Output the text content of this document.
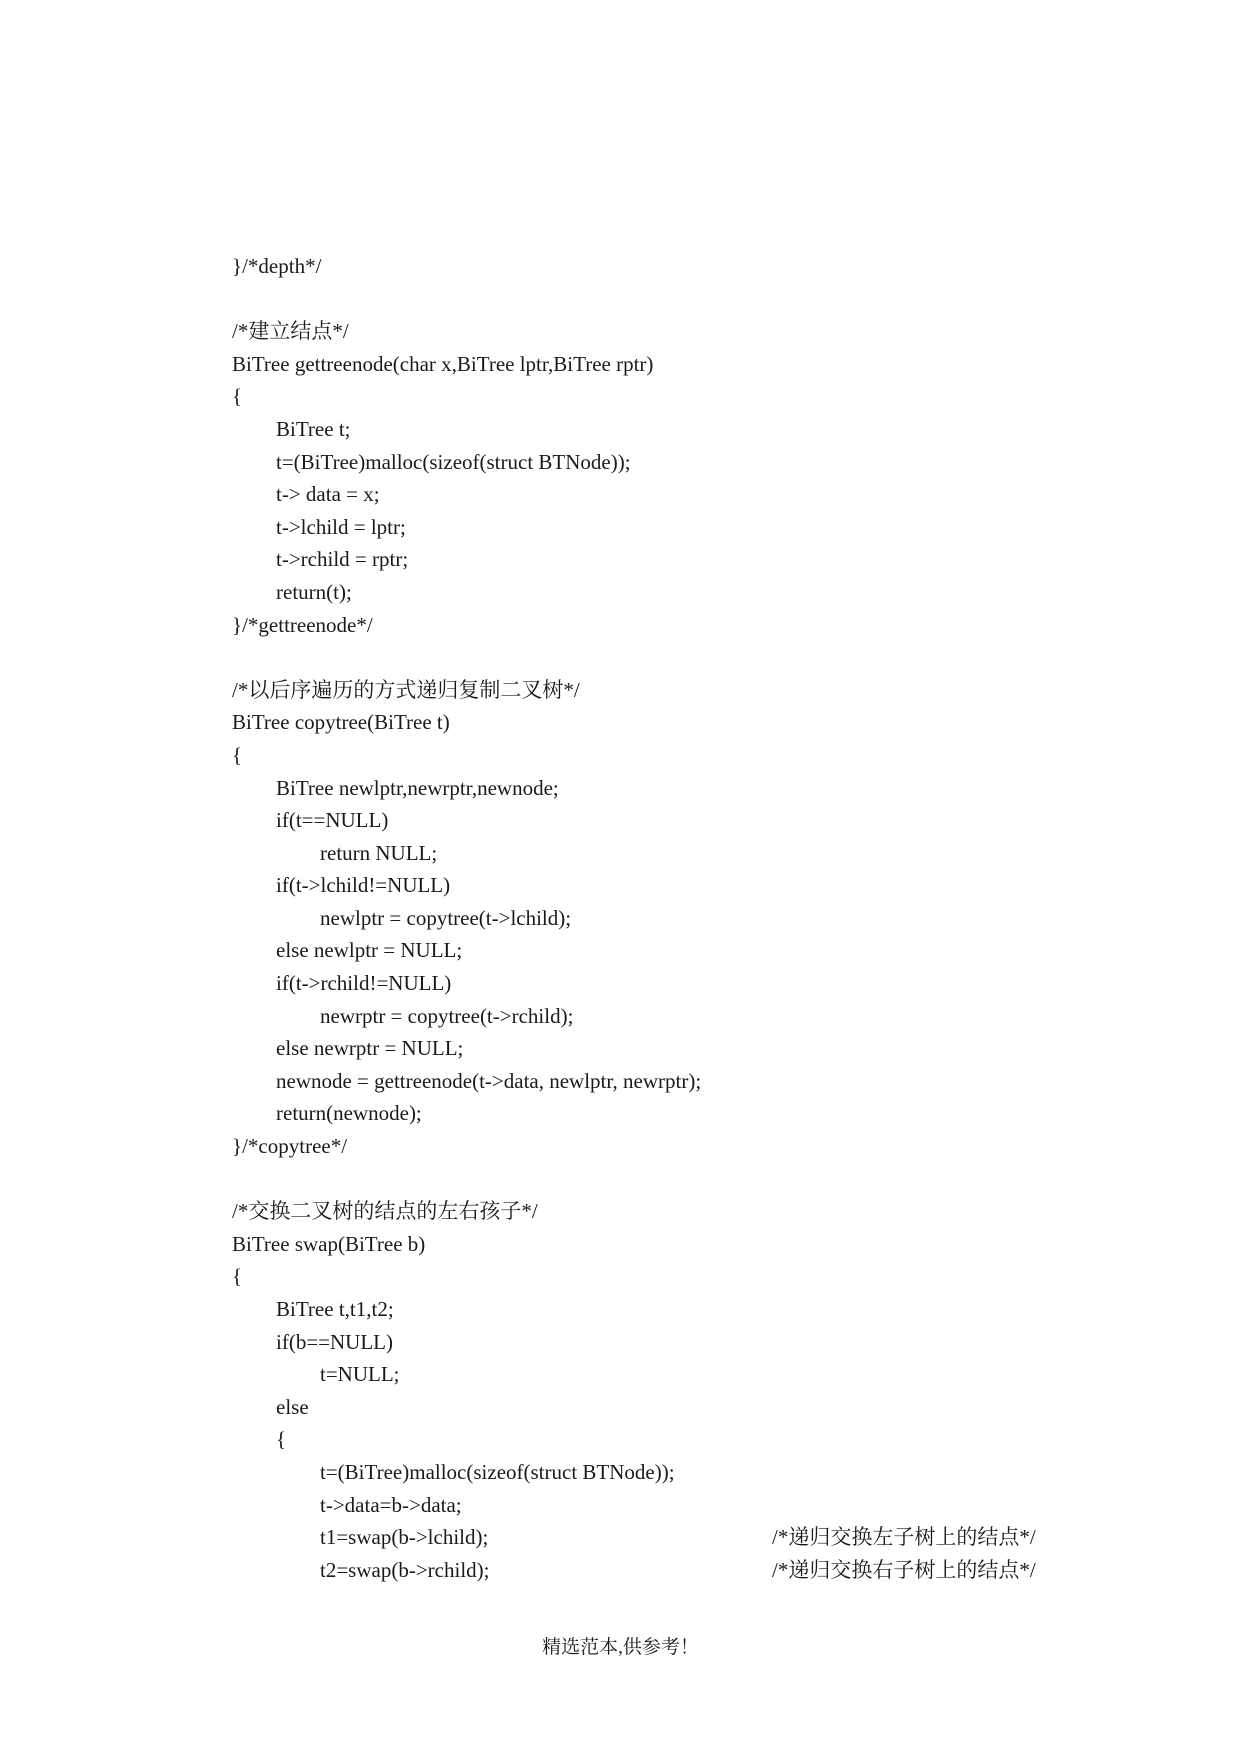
}/*depth*/
/*建立结点*/
BiTree gettreenode(char x,BiTree lptr,BiTree rptr)
{
BiTree t;
t=(BiTree)malloc(sizeof(struct BTNode));
t-> data = x;
t->lchild = lptr;
t->rchild = rptr;
return(t);
}/*gettreenode*/
/*以后序遍历的方式递归复制二叉树*/
BiTree copytree(BiTree t)
{
BiTree newlptr,newrptr,newnode;
if(t==NULL)
return NULL;
if(t->lchild!=NULL)
newlptr = copytree(t->lchild);
else newlptr = NULL;
if(t->rchild!=NULL)
newrptr = copytree(t->rchild);
else newrptr = NULL;
newnode = gettreenode(t->data, newlptr, newrptr);
return(newnode);
}/*copytree*/
/*交换二叉树的结点的左右孩子*/
BiTree swap(BiTree b)
{
BiTree t,t1,t2;
if(b==NULL)
t=NULL;
else
{
t=(BiTree)malloc(sizeof(struct BTNode));
t->data=b->data;
t1=swap(b->lchild);	/*递归交换左子树上的结点*/
t2=swap(b->rchild);	/*递归交换右子树上的结点*/
精选范本,供参考！
